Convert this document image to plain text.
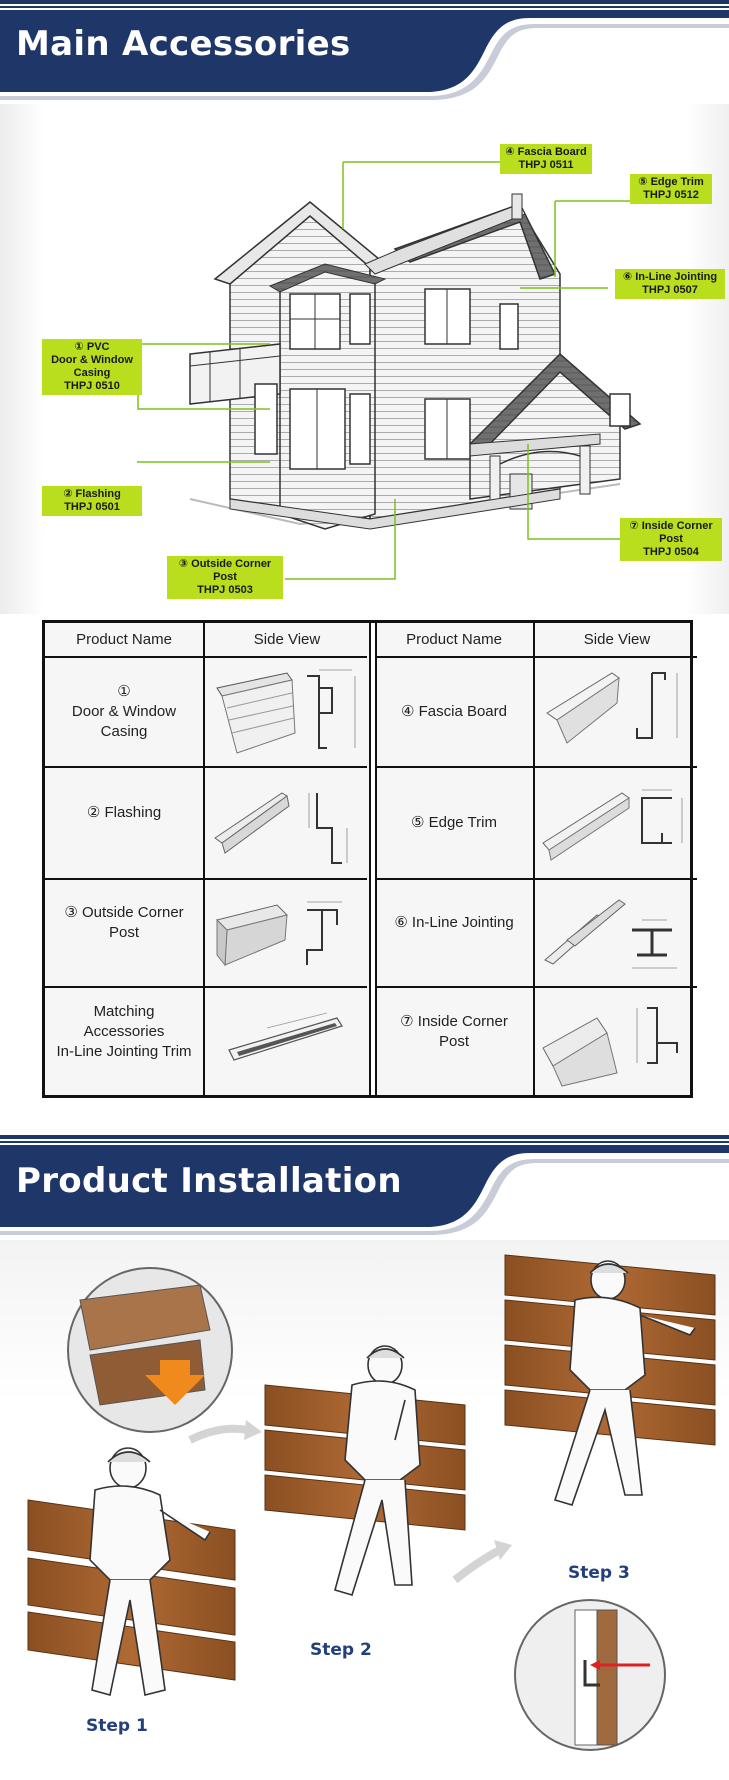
Main Accessories
④ Fascia Board
THPJ 0511
⑤ Edge Trim
THPJ 0512
⑥ In-Line Jointing
THPJ 0507
① PVC
Door & Window
Casing
THPJ 0510
② Flashing
THPJ 0501
⑦ Inside Corner
Post
THPJ 0504
③ Outside Corner
Post
THPJ 0503
Product Name	Side View
①
Door & Window
Casing
② Flashing
③ Outside Corner
Post
Matching
Accessories
In-Line Jointing Trim
Product Name	Side View
④ Fascia Board
⑤ Edge Trim
⑥ In-Line Jointing
⑦ Inside Corner
Post
Product Installation
Step 1
Step 2
Step 3
